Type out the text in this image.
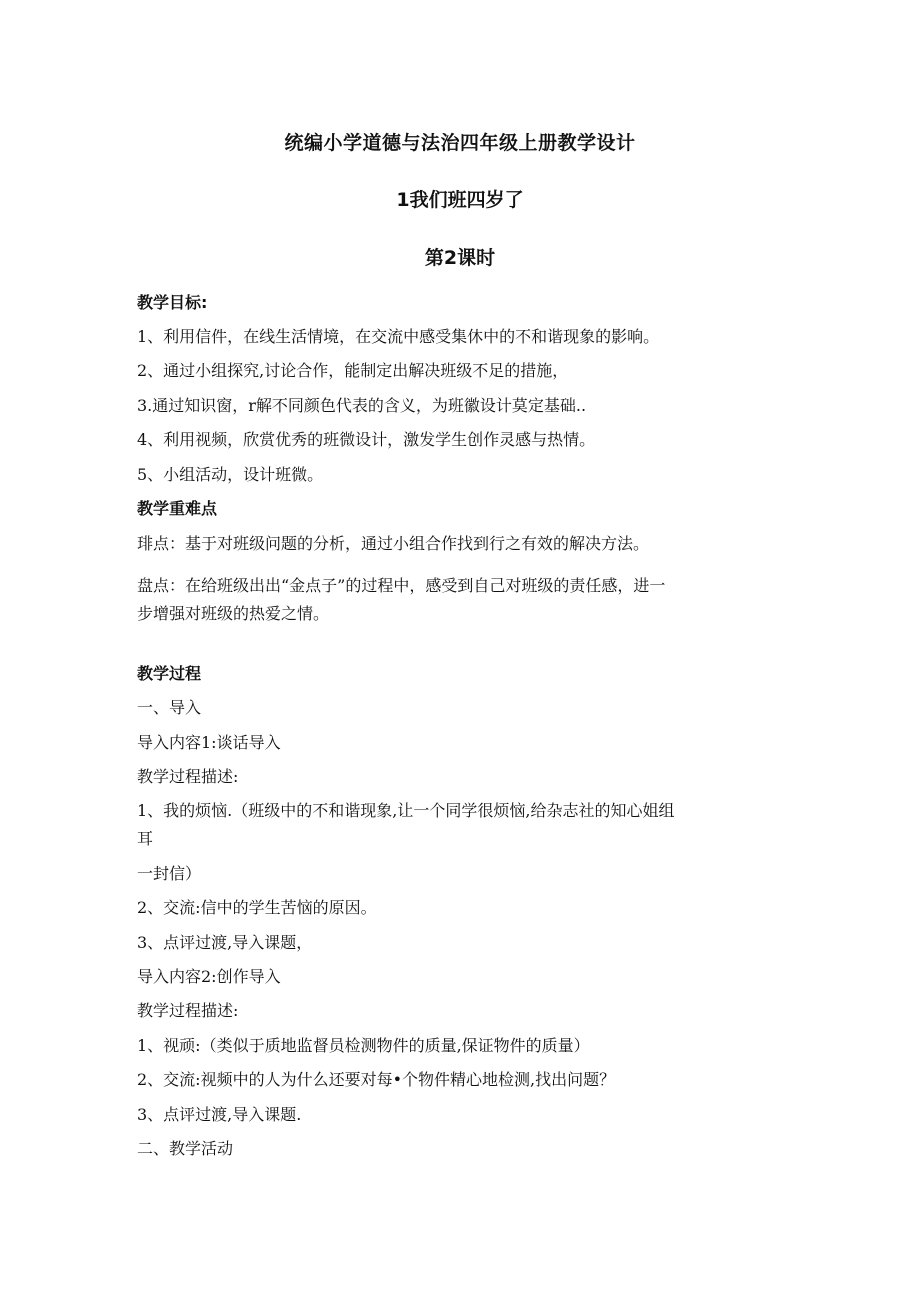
统编小学道德与法治四年级上册教学设计
1我们班四岁了
第2课时
教学目标:
1、利用信件，在线生活情境，在交流中感受集休中的不和谐现象的影响。
2、通过小组探究,讨论合作，能制定出解决班级不足的措施，
3.通过知识窗，r解不同颜色代表的含义，为班徽设计莫定基础..
4、利用视频，欣赏优秀的班微设计，激发学生创作灵感与热情。
5、小组活动，设计班微。
教学重难点
琲点：基于对班级问题的分析，通过小组合作找到行之有效的解决方法。
盘点：在给班级出出“金点子”的过程中，感受到自己对班级的责任感，进一
步增强对班级的热爱之情。
教学过程
一、导入
导入内容1:谈话导入
教学过程描述:
1、我的烦恼.（班级中的不和谐现象,让一个同学很烦恼,给杂志社的知心姐组
耳
一封信）
2、交流:信中的学生苦恼的原因。
3、点评过渡,导入课题，
导入内容2:创作导入
教学过程描述:
1、视顽:（类似于质地监督员检测物件的质量,保证物件的质量）
2、交流:视频中的人为什么还要对每•个物件精心地检测,找出问题？
3、点评过渡,导入课题.
二、教学活动
